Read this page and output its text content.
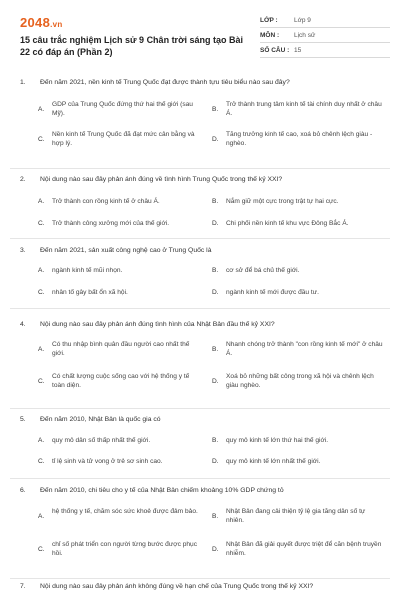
2048.vn
15 câu trắc nghiệm Lịch sử 9 Chân trời sáng tạo Bài 22 có đáp án (Phần 2)
LỚP :	Lớp 9
MÔN :	Lịch sử
SỐ CÂU : 15
1. Đến năm 2021, nền kinh tế Trung Quốc đạt được thành tựu tiêu biểu nào sau đây?
A.
GDP của Trung Quốc đứng thứ hai thế giới (sau Mỹ).
B.
Trở thành trung tâm kinh tế tài chính duy nhất ở châu Á.
C.
Nền kinh tế Trung Quốc đã đạt mức cân bằng và hợp lý.
D.
Tăng trưởng kinh tế cao, xoá bỏ chênh lệch giàu - nghèo.
2. Nội dung nào sau đây phản ánh đúng về tình hình Trung Quốc trong thế kỷ XXI?
A. Trở thành con rồng kinh tế ở châu Á.	B. Nắm giữ một cực trong trật tự hai cực.
C. Trở thành công xưởng mới của thế giới.	D. Chi phối nền kinh tế khu vực Đông Bắc Á.
3. Đến năm 2021, sản xuất công nghệ cao ở Trung Quốc là
A. ngành kinh tế mũi nhọn.	B. cơ sở để bá chủ thế giới.
C. nhân tố gây bất ổn xã hội.	D. ngành kinh tế mới được đầu tư.
4. Nội dung nào sau đây phản ánh đúng tình hình của Nhật Bản đầu thế kỷ XXI?
A.
Có thu nhập bình quân đầu người cao nhất thế giới.
B.
Nhanh chóng trở thành "con rồng kinh tế mới" ở châu Á.
C.
Có chất lượng cuộc sống cao với hệ thống y tế toàn diện.
D.
Xoá bỏ những bất công trong xã hội và chênh lệch giàu nghèo.
5. Đến năm 2010, Nhật Bản là quốc gia có
A. quy mô dân số thấp nhất thế giới.	B. quy mô kinh tế lớn thứ hai thế giới.
C. tỉ lệ sinh và tử vong ở trẻ sơ sinh cao.	D. quy mô kinh tế lớn nhất thế giới.
6. Đến năm 2010, chi tiêu cho y tế của Nhật Bản chiếm khoảng 10% GDP chứng tỏ
A.
hệ thống y tế, chăm sóc sức khoẻ được đảm bảo.
B.
Nhật Bản đang cải thiện tỷ lệ gia tăng dân số tự nhiên.
C.
chỉ số phát triển con người từng bước được phục hồi.
D.
Nhật Bản đã giải quyết được triệt để căn bệnh truyền nhiễm.
7. Nội dung nào sau đây phản ánh không đúng về hạn chế của Trung Quốc trong thế kỷ XXI?
